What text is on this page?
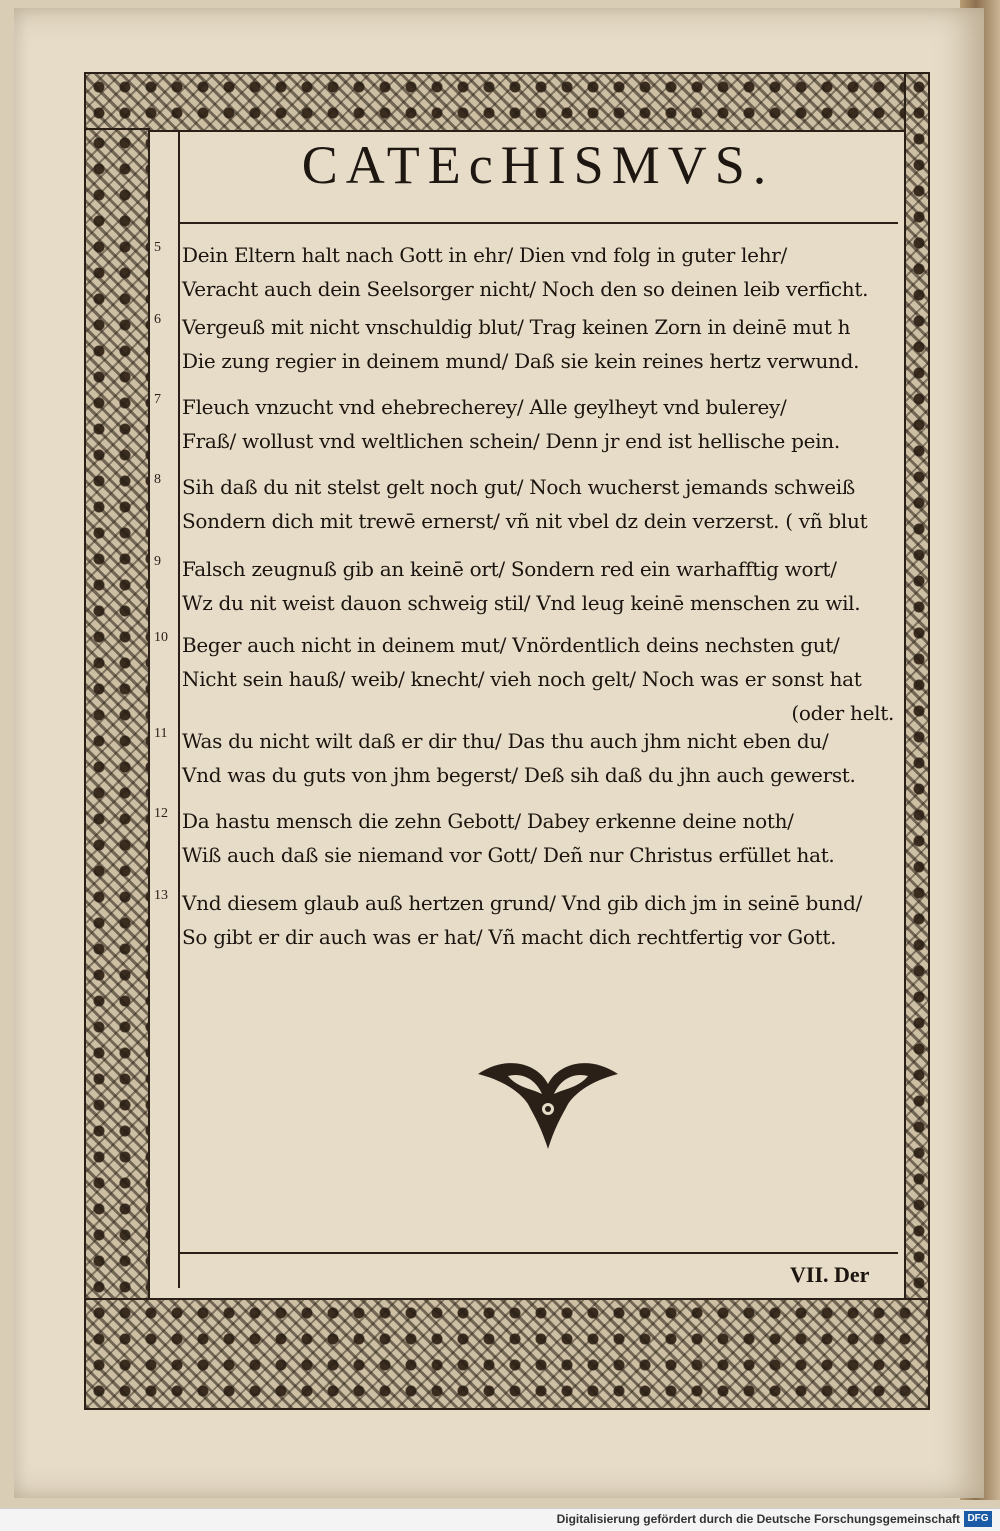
CATEcHISMVS.
5 Dein Eltern halt nach Gott in ehr/ Dien vnd folg in guter lehr/
Veracht auch dein Seelsorger nicht/ Noch den so deinen leib verficht.
6 Vergeuß mit nicht vnschuldig blut/ Trag keinen Zorn in deinē mut h
Die zung regier in deinem mund/ Daß sie kein reines hertz verwund.
7 Fleuch vnzucht vnd ehebrecherey/ Alle geylheyt vnd bulerey/
Fraß/ wollust vnd weltlichen schein/ Denn jr end ist hellische pein.
8 Sih daß du nit stelst gelt noch gut/ Noch wucherst jemands schweiß
Sondern dich mit trewē ernerst/ vñ nit vbel dz dein verzerst. ( vñ blut
9 Falsch zeugnuß gib an keinē ort/ Sondern red ein warhafftig wort/
Wz du nit weist dauon schweig stil/ Vnd leug keinē menschen zu wil.
10 Beger auch nicht in deinem mut/ Vnördentlich deins nechsten gut/
Nicht sein hauß/ weib/ knecht/ vieh noch gelt/ Noch was er sonst hat
(oder helt.
11 Was du nicht wilt daß er dir thu/ Das thu auch jhm nicht eben du/
Vnd was du guts von jhm begerst/ Deß sih daß du jhn auch gewerst.
12 Da hastu mensch die zehn Gebott/ Dabey erkenne deine noth/
Wiß auch daß sie niemand vor Gott/ Deñ nur Christus erfüllet hat.
13 Vnd diesem glaub auß hertzen grund/ Vnd gib dich jm in seinē bund/
So gibt er dir auch was er hat/ Vñ macht dich rechtfertig vor Gott.
VII. Der
Digitalisierung gefördert durch die Deutsche Forschungsgemeinschaft DFG
